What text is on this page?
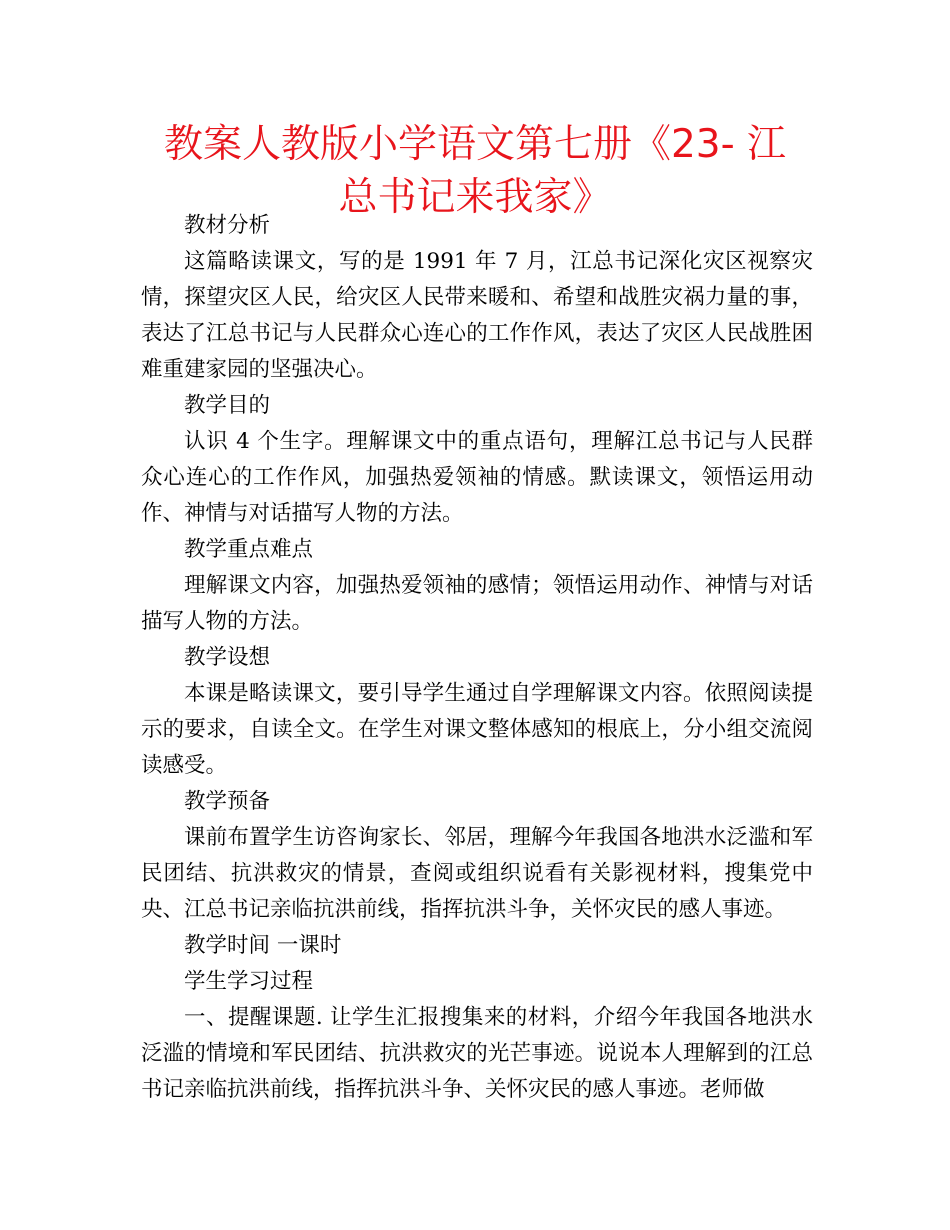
教案人教版小学语文第七册《23- 江总书记来我家》

教材分析

这篇略读课文，写的是 1991 年 7 月，江总书记深化灾区视察灾情，探望灾区人民，给灾区人民带来暖和、希望和战胜灾祸力量的事，表达了江总书记与人民群众心连心的工作作风，表达了灾区人民战胜困难重建家园的坚强决心。

教学目的

认识 4 个生字。理解课文中的重点语句，理解江总书记与人民群众心连心的工作作风，加强热爱领袖的情感。默读课文，领悟运用动作、神情与对话描写人物的方法。

教学重点难点

理解课文内容，加强热爱领袖的感情；领悟运用动作、神情与对话描写人物的方法。

教学设想

本课是略读课文，要引导学生通过自学理解课文内容。依照阅读提示的要求，自读全文。在学生对课文整体感知的根底上，分小组交流阅读感受。

教学预备

课前布置学生访咨询家长、邻居，理解今年我国各地洪水泛滥和军民团结、抗洪救灾的情景，查阅或组织说看有关影视材料，搜集党中央、江总书记亲临抗洪前线，指挥抗洪斗争，关怀灾民的感人事迹。

教学时间 一课时

学生学习过程

一、提醒课题. 让学生汇报搜集来的材料，介绍今年我国各地洪水泛滥的情境和军民团结、抗洪救灾的光芒事迹。说说本人理解到的江总书记亲临抗洪前线，指挥抗洪斗争、关怀灾民的感人事迹。老师做
